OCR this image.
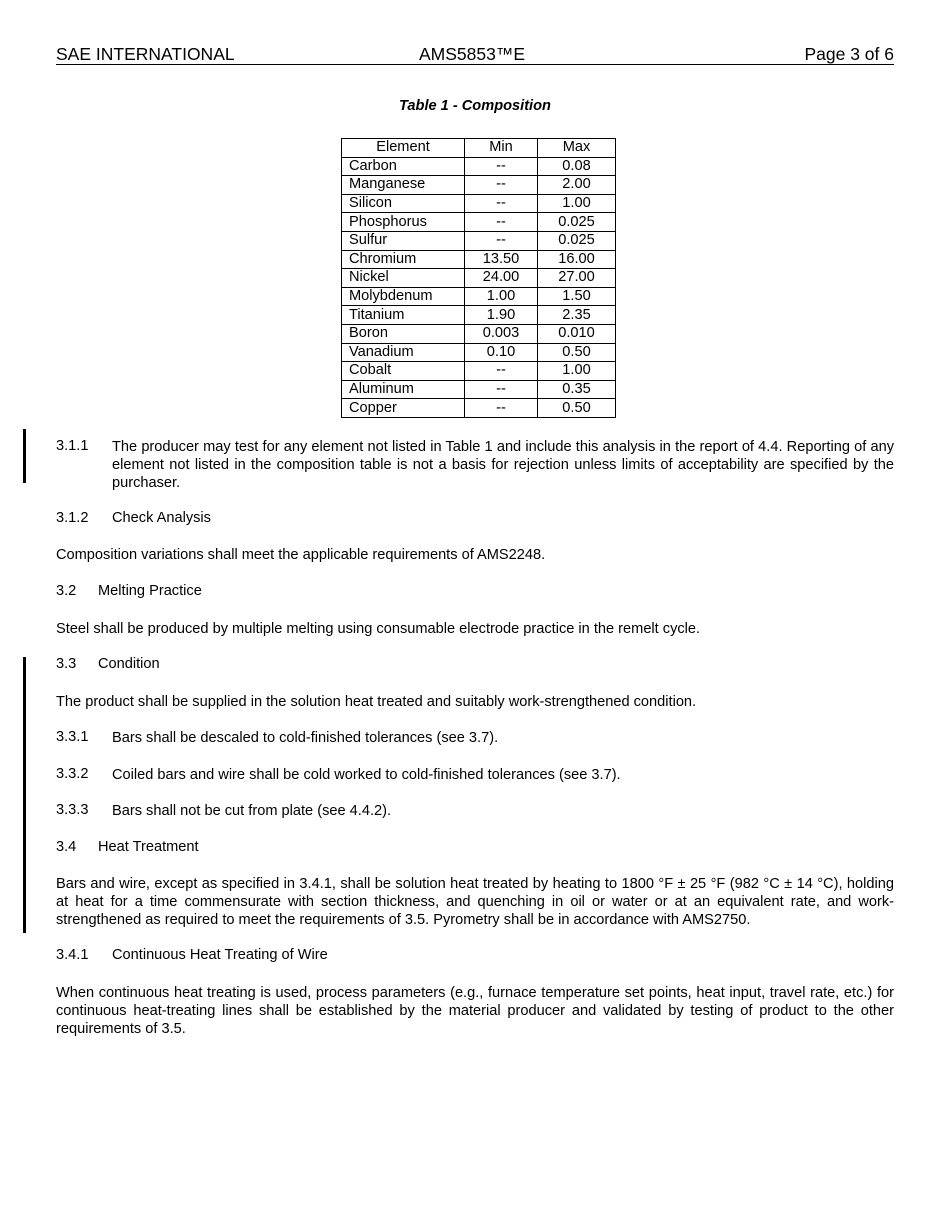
SAE INTERNATIONAL	AMS5853™E	Page 3 of 6
Table 1 - Composition
Element	Min	Max
Carbon	--	0.08
Manganese	--	2.00
Silicon	--	1.00
Phosphorus	--	0.025
Sulfur	--	0.025
Chromium	13.50	16.00
Nickel	24.00	27.00
Molybdenum	1.00	1.50
Titanium	1.90	2.35
Boron	0.003	0.010
Vanadium	0.10	0.50
Cobalt	--	1.00
Aluminum	--	0.35
Copper	--	0.50
3.1.1 The producer may test for any element not listed in Table 1 and include this analysis in the report of 4.4. Reporting of any element not listed in the composition table is not a basis for rejection unless limits of acceptability are specified by the purchaser.
3.1.2 Check Analysis
Composition variations shall meet the applicable requirements of AMS2248.
3.2 Melting Practice
Steel shall be produced by multiple melting using consumable electrode practice in the remelt cycle.
3.3 Condition
The product shall be supplied in the solution heat treated and suitably work-strengthened condition.
3.3.1 Bars shall be descaled to cold-finished tolerances (see 3.7).
3.3.2 Coiled bars and wire shall be cold worked to cold-finished tolerances (see 3.7).
3.3.3 Bars shall not be cut from plate (see 4.4.2).
3.4 Heat Treatment
Bars and wire, except as specified in 3.4.1, shall be solution heat treated by heating to 1800 °F ± 25 °F (982 °C ± 14 °C), holding at heat for a time commensurate with section thickness, and quenching in oil or water or at an equivalent rate, and work-strengthened as required to meet the requirements of 3.5. Pyrometry shall be in accordance with AMS2750.
3.4.1 Continuous Heat Treating of Wire
When continuous heat treating is used, process parameters (e.g., furnace temperature set points, heat input, travel rate, etc.) for continuous heat-treating lines shall be established by the material producer and validated by testing of product to the other requirements of 3.5.
